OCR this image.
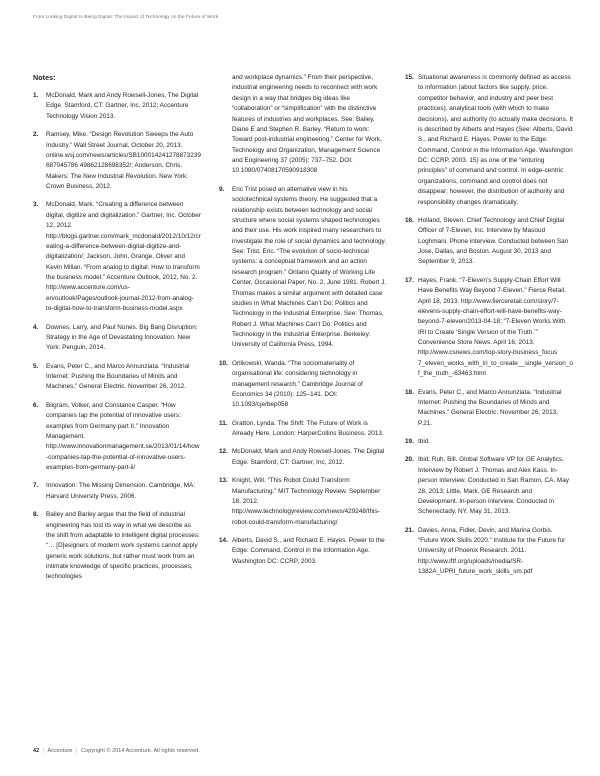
From Looking Digital to Being Digital: The Impact of Technology on the Future of Work
Notes:
1.	McDonald, Mark and Andy Rowsell-Jones, The Digital Edge. Stamford, CT: Gartner, Inc, 2012; Accenture Technology Vision 2013.
2.	Ramsey, Mike. “Design Revolution Sweeps the Auto Industry.” Wall Street Journal, October 20, 2013. online.wsj.com/news/articles/SB100014241278873239687045786 49862128698352/; Anderson, Chris. Makers: The New Industrial Revolution. New York: Crown Business, 2012.
3.	McDonald, Mark. “Creating a difference between digital, digitize and digitalization.” Gartner, Inc. October 12, 2012. http://blogs.gartner.com/mark_mcdonald/2012/10/12/creating-a-difference-between-digital-digitize-and-digitalization/; Jackson, John, Grange, Oliver and Kevin Millan. “From analog to digital: How to transform the business model.” Accenture Outlook, 2012, No. 2. http://www.accenture.com/us-en/outlook/Pages/outlook-journal-2012-from-analog-to-digital-how-to-transform-business-model.aspx
4.	Downes, Larry, and Paul Nunes. Big Bang Disruption: Strategy in the Age of Devastating Innovation. New York: Penguin, 2014.
5.	Evans, Peter C., and Marco Annunziata. “Industrial Internet: Pushing the Boundaries of Minds and Machines.” General Electric. November 26, 2012.
6.	Bilgram, Volker, and Constance Casper. “How companies tap the potential of innovative users: examples from Germany part II.” Innovation Management. http://www.innovationmanagement.se/2013/01/14/how-companies-tap-the-potential-of-innovative-users-examples-from-germany-part-ii/
7.	Innovation: The Missing Dimension. Cambridge, MA: Harvard University Press, 2006.
8.	Bailey and Barley argue that the field of industrial engineering has lost its way in what we describe as the shift from adaptable to intelligent digital processes: “… [D]esigners of modern work systems cannot apply generic work solutions, but rather must work from an intimate knowledge of specific practices, processes, technologies
and workplace dynamics.” From their perspective, industrial engineering needs to reconnect with work design in a way that bridges big ideas like “collaboration” or “simplification” with the distinctive features of industries and workplaces. See: Bailey, Diane E and Stephen R. Barley. “Return to work: Toward post-industrial engineering.” Center for Work, Technology and Organization, Management Science and Engineering 37 (2005): 737–752. DOI: 10.1080/07408170590918308
9.	Eric Trist posed an alternative view in his sociotechnical systems theory. He suggested that a relationship exists between technology and social structure where social systems shaped technologies and their use. His work inspired many researchers to investigate the role of social dynamics and technology. See: Trist, Eric. “The evolution of socio-technical systems: a conceptual framework and an action research program.” Ontario Quality of Working Life Center, Occasional Paper, No. 2, June 1981. Robert J. Thomas makes a similar argument with detailed case studies in What Machines Can’t Do: Politics and Technology in the Industrial Enterprise. See: Thomas, Robert J. What Machines Can’t Do: Politics and Technology in the Industrial Enterprise. Berkeley: University of California Press, 1994.
10. Orlikowski, Wanda. “The sociomateriality of organisational life: considering technology in management research.” Cambridge Journal of Economics 34 (2010): 125–141. DOI: 10.1093/cje/bep058
11. Gratton, Lynda. The Shift: The Future of Work is Already Here. London: HarperCollins Business, 2013.
12. McDonald, Mark and Andy Rowsell-Jones. The Digital Edge. Stamford, CT: Gartner, Inc, 2012.
13. Knight, Will. “This Robot Could Transform Manufacturing.” MIT Technology Review. September 18, 2012. http://www.technologyreview.com/news/429248/this-robot-could-transform-manufacturing/
14. Alberts, David S., and Richard E. Hayes. Power to the Edge: Command, Control in the Information Age. Washington DC: CCRP, 2003.
15. Situational awareness is commonly defined as access to information (about factors like supply, price, competitor behavior, and industry and peer best practices), analytical tools (with which to make decisions), and authority (to actually make decisions. It is described by Alberts and Hayes (See: Alberts, David S., and Richard E. Hayes. Power to the Edge: Command, Control in the Information Age. Washington DC: CCRP, 2003. 15) as one of the “enturing principles” of command and control. In edge-centric organizations, command and control does not disappear; however, the distribution of authority and responsibility changes dramatically.
16. Holland, Steven. Chief Technology and Chief Digital Officer of 7-Eleven, Inc. Interview by Masoud Loghmani. Phone interview. Conducted between San Jose, Dallas, and Boston. August 30, 2013 and September 9, 2013.
17. Hayes, Frank. “7-Eleven’s Supply-Chain Effort Will Have Benefits Way Beyond 7-Eleven.” Fierce Retail. April 18, 2013. http://www.fierceretail.com/story/7-elevens-supply-chain-effort-will-have-benefits-way-beyond-7-eleven/2013-04-18; “7-Eleven Works With IRI to Create ‘Single Version of the Truth.’” Convenience Store News. April 16, 2013. http://www.csnews.com/top-story-business_focus 7_eleven_works_with_iri_to_create__single_version_of_the_truth_-63463.html
18. Evans, Peter C., and Marco Annunziata. “Industrial Internet: Pushing the Boundaries of Minds and Machines.” General Electric. November 26, 2013, P.21.
19. Ibid.
20. Ibid; Ruh, Bill. Global Software VP for GE Analytics, Interview by Robert J. Thomas and Alex Kass. In-person interview. Conducted in San Ramon, CA. May 28, 2013; Little, Mark. GE Research and Development. In-person interview. Conducted in Schenectady, NY. May 31, 2013.
21. Davies, Anna, Fidler, Devin, and Marina Gorbis. “Future Work Skills 2020.” Institute for the Future for University of Phoenix Research. 2011. http://www.iftf.org/uploads/media/SR-1382A_UPRI_future_work_skills_sm.pdf
42 | Accenture | Copyright © 2014 Accenture. All rights reserved.
